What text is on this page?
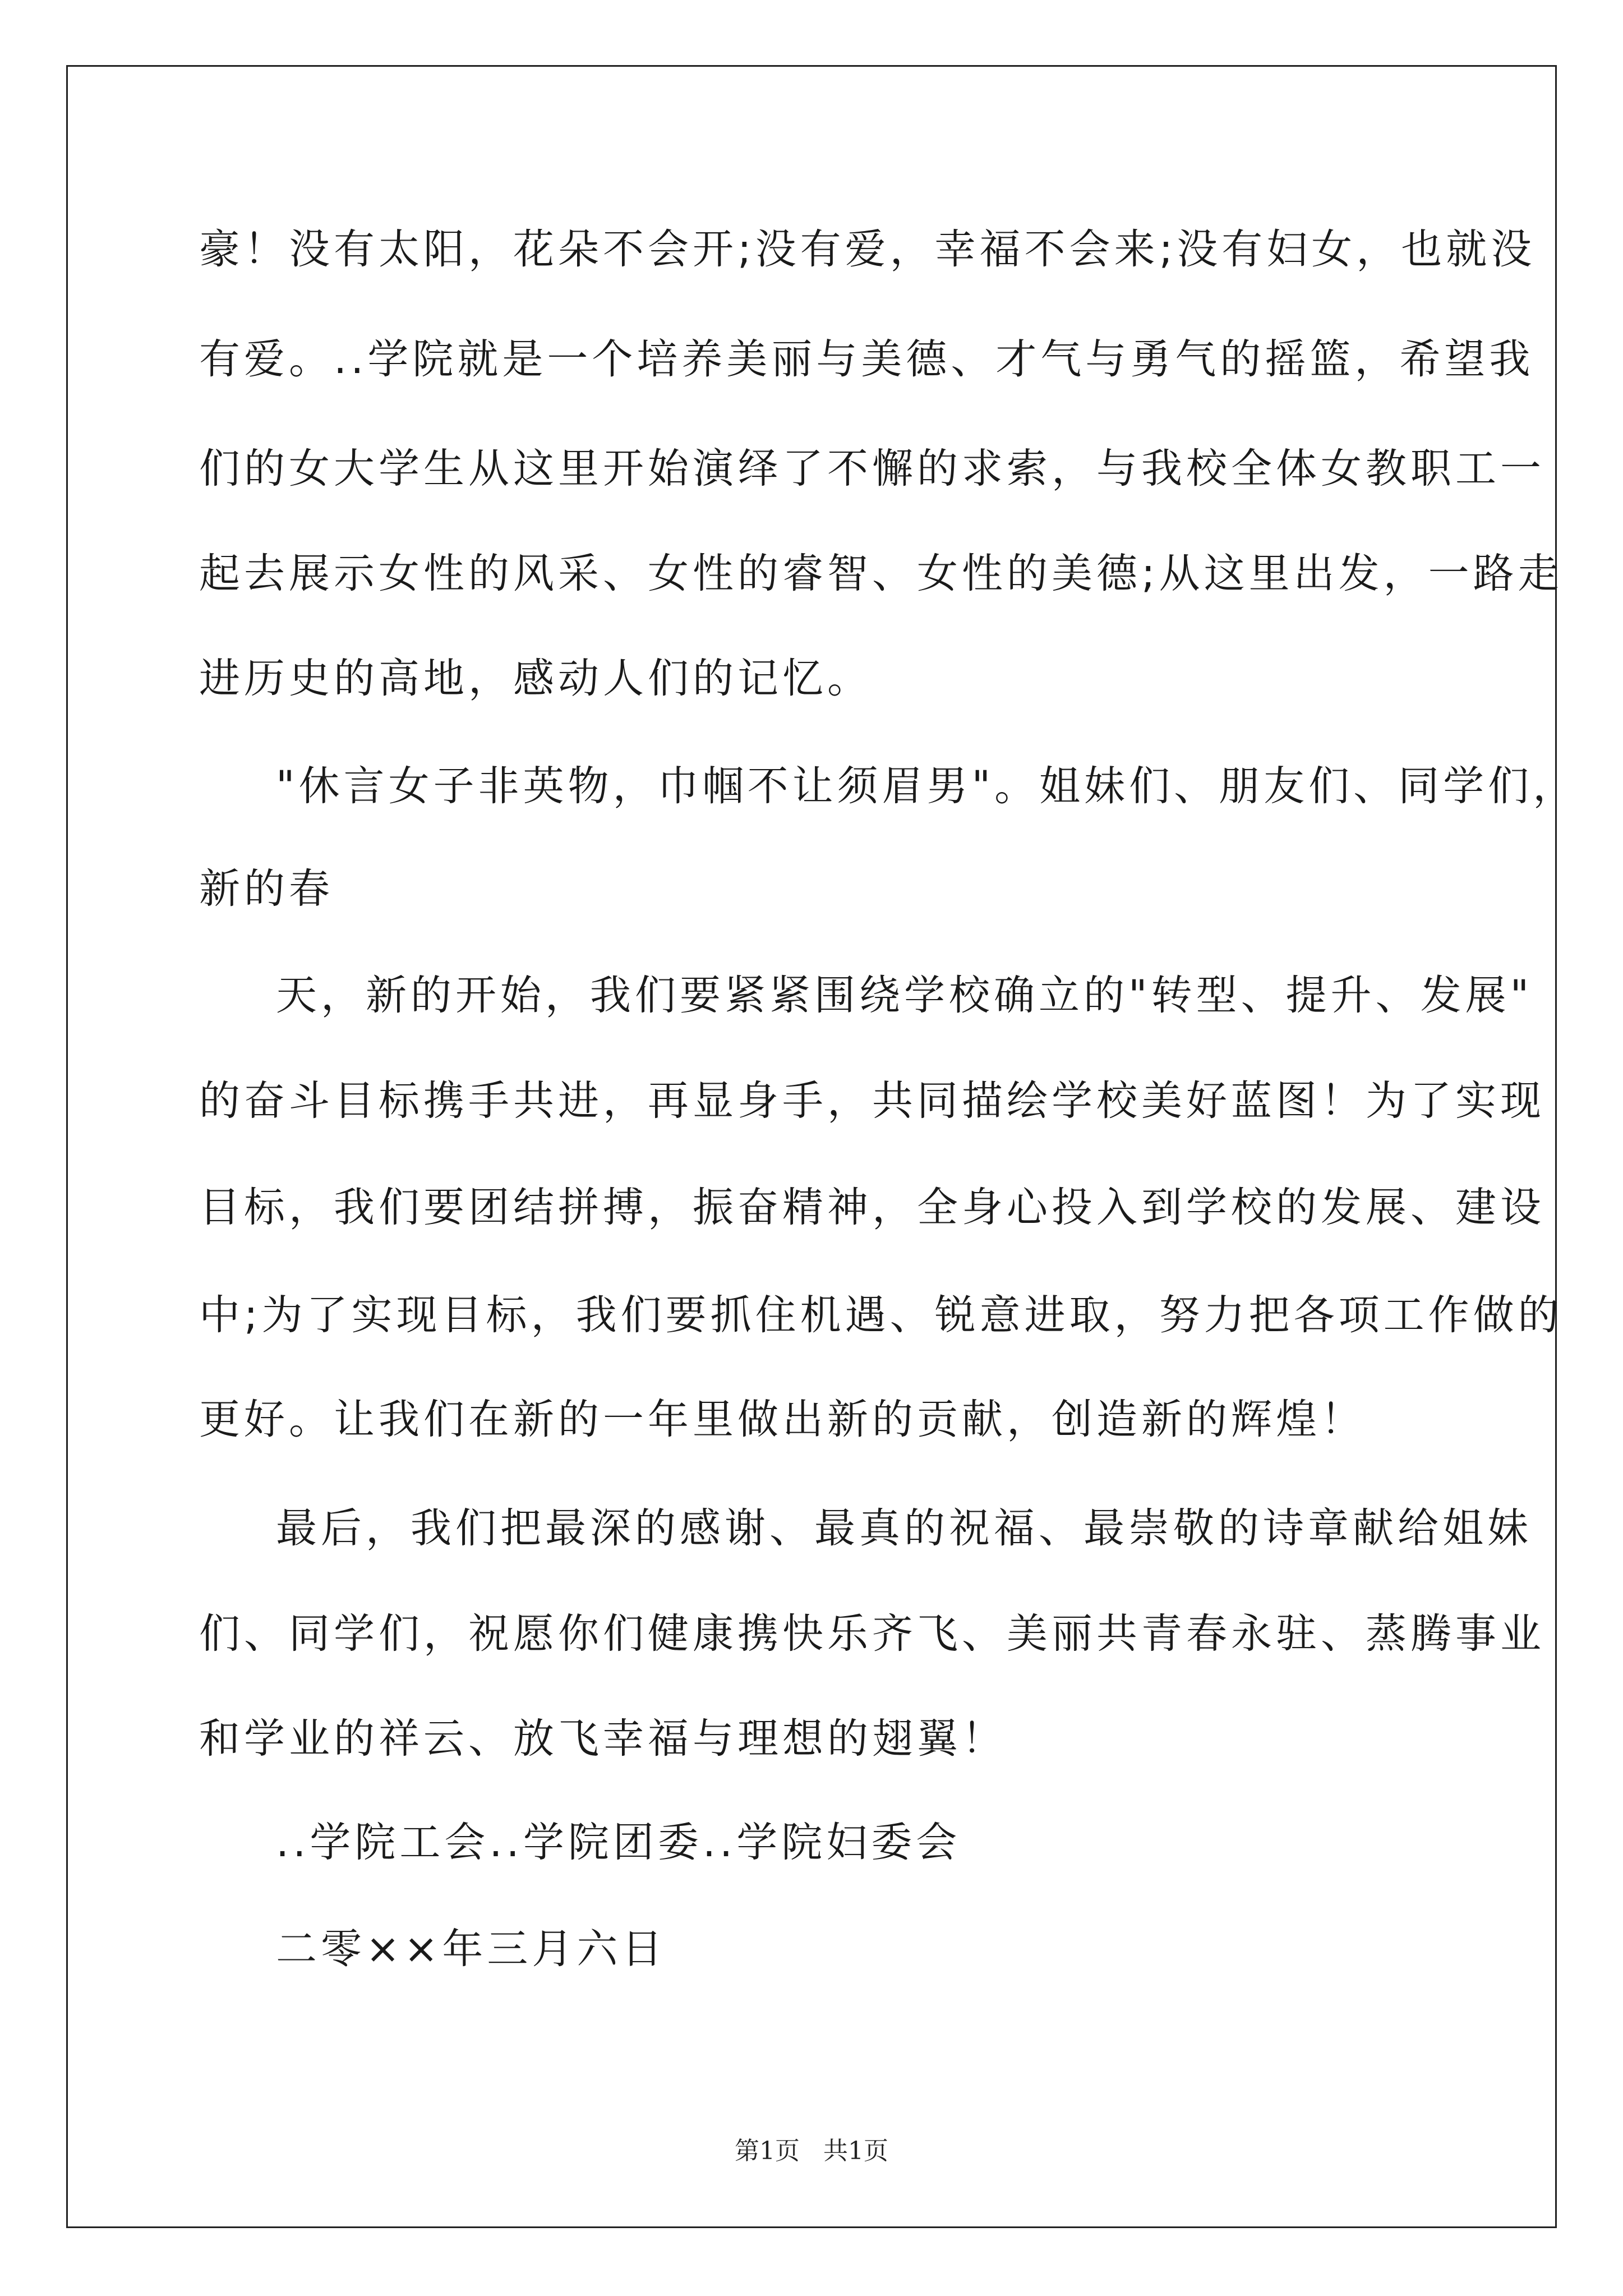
豪！没有太阳，花朵不会开;没有爱，幸福不会来;没有妇女，也就没

有爱。..学院就是一个培养美丽与美德、才气与勇气的摇篮，希望我

们的女大学生从这里开始演绎了不懈的求索，与我校全体女教职工一

起去展示女性的风采、女性的睿智、女性的美德;从这里出发，一路走

进历史的高地，感动人们的记忆。

"休言女子非英物，巾帼不让须眉男"。姐妹们、朋友们、同学们，

新的春

天，新的开始，我们要紧紧围绕学校确立的"转型、提升、发展"

的奋斗目标携手共进，再显身手，共同描绘学校美好蓝图！为了实现

目标，我们要团结拼搏，振奋精神，全身心投入到学校的发展、建设

中;为了实现目标，我们要抓住机遇、锐意进取，努力把各项工作做的

更好。让我们在新的一年里做出新的贡献，创造新的辉煌！

最后，我们把最深的感谢、最真的祝福、最崇敬的诗章献给姐妹

们、同学们，祝愿你们健康携快乐齐飞、美丽共青春永驻、蒸腾事业

和学业的祥云、放飞幸福与理想的翅翼！

..学院工会..学院团委..学院妇委会

二零××年三月六日

第1页   共1页
